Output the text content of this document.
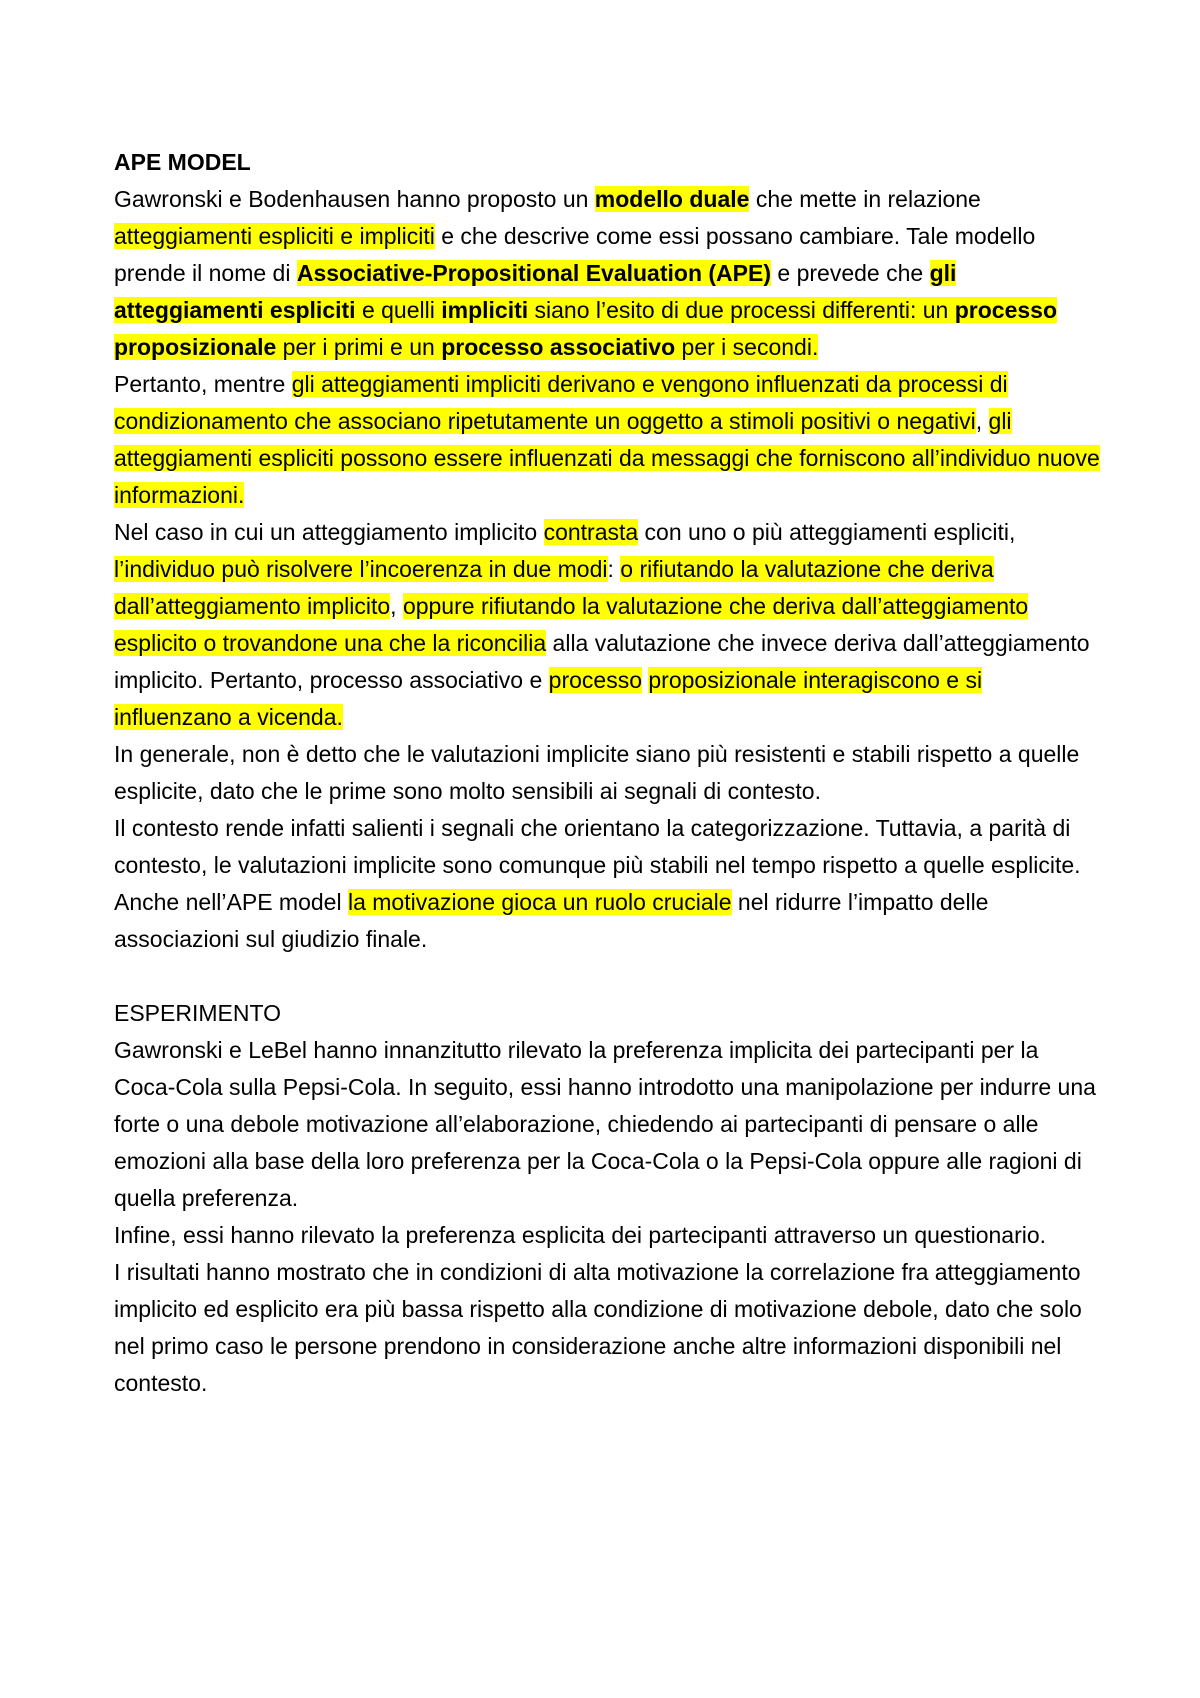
APE MODEL

Gawronski e Bodenhausen hanno proposto un modello duale che mette in relazione atteggiamenti espliciti e impliciti e che descrive come essi possano cambiare. Tale modello prende il nome di Associative-Propositional Evaluation (APE) e prevede che gli atteggiamenti espliciti e quelli impliciti siano l’esito di due processi differenti: un processo proposizionale per i primi e un processo associativo per i secondi.

Pertanto, mentre gli atteggiamenti impliciti derivano e vengono influenzati da processi di condizionamento che associano ripetutamente un oggetto a stimoli positivi o negativi, gli atteggiamenti espliciti possono essere influenzati da messaggi che forniscono all’individuo nuove informazioni.

Nel caso in cui un atteggiamento implicito contrasta con uno o più atteggiamenti espliciti, l’individuo può risolvere l’incoerenza in due modi: o rifiutando la valutazione che deriva dall’atteggiamento implicito, oppure rifiutando la valutazione che deriva dall’atteggiamento esplicito o trovandone una che la riconcilia alla valutazione che invece deriva dall’atteggiamento implicito. Pertanto, processo associativo e processo proposizionale interagiscono e si influenzano a vicenda.

In generale, non è detto che le valutazioni implicite siano più resistenti e stabili rispetto a quelle esplicite, dato che le prime sono molto sensibili ai segnali di contesto.

Il contesto rende infatti salienti i segnali che orientano la categorizzazione. Tuttavia, a parità di contesto, le valutazioni implicite sono comunque più stabili nel tempo rispetto a quelle esplicite.

Anche nell’APE model la motivazione gioca un ruolo cruciale nel ridurre l’impatto delle associazioni sul giudizio finale.

ESPERIMENTO

Gawronski e LeBel hanno innanzitutto rilevato la preferenza implicita dei partecipanti per la Coca-Cola sulla Pepsi-Cola. In seguito, essi hanno introdotto una manipolazione per indurre una forte o una debole motivazione all’elaborazione, chiedendo ai partecipanti di pensare o alle emozioni alla base della loro preferenza per la Coca-Cola o la Pepsi-Cola oppure alle ragioni di quella preferenza.

Infine, essi hanno rilevato la preferenza esplicita dei partecipanti attraverso un questionario.

I risultati hanno mostrato che in condizioni di alta motivazione la correlazione fra atteggiamento implicito ed esplicito era più bassa rispetto alla condizione di motivazione debole, dato che solo nel primo caso le persone prendono in considerazione anche altre informazioni disponibili nel contesto.
